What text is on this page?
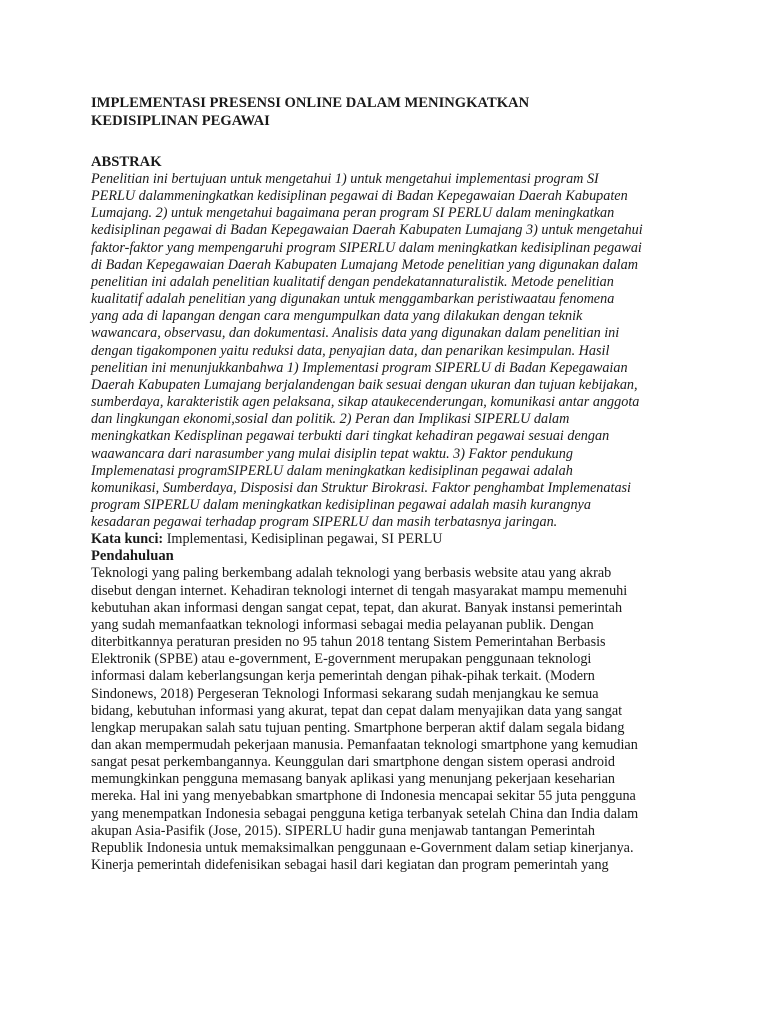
IMPLEMENTASI PRESENSI ONLINE DALAM MENINGKATKAN
KEDISIPLINAN PEGAWAI
ABSTRAK
Penelitian ini bertujuan untuk mengetahui 1) untuk mengetahui implementasi program SI
PERLU dalammeningkatkan kedisiplinan pegawai di Badan Kepegawaian Daerah Kabupaten
Lumajang. 2) untuk mengetahui bagaimana peran program SI PERLU dalam meningkatkan
kedisiplinan pegawai di Badan Kepegawaian Daerah Kabupaten Lumajang 3) untuk mengetahui
faktor-faktor yang mempengaruhi program SIPERLU dalam meningkatkan kedisiplinan pegawai
di Badan Kepegawaian Daerah Kabupaten Lumajang Metode penelitian yang digunakan dalam
penelitian ini adalah penelitian kualitatif dengan pendekatannaturalistik. Metode penelitian
kualitatif adalah penelitian yang digunakan untuk menggambarkan peristiwaatau fenomena
yang ada di lapangan dengan cara mengumpulkan data yang dilakukan dengan teknik
wawancara, observasu, dan dokumentasi. Analisis data yang digunakan dalam penelitian ini
dengan tigakomponen yaitu reduksi data, penyajian data, dan penarikan kesimpulan. Hasil
penelitian ini menunjukkanbahwa 1) Implementasi program SIPERLU di Badan Kepegawaian
Daerah Kabupaten Lumajang berjalandengan baik sesuai dengan ukuran dan tujuan kebijakan,
sumberdaya, karakteristik agen pelaksana, sikap ataukecenderungan, komunikasi antar anggota
dan lingkungan ekonomi,sosial dan politik. 2) Peran dan Implikasi SIPERLU dalam
meningkatkan Kedisplinan pegawai terbukti dari tingkat kehadiran pegawai sesuai dengan
waawancara dari narasumber yang mulai disiplin tepat waktu. 3) Faktor pendukung
Implemenatasi programSIPERLU dalam meningkatkan kedisiplinan pegawai adalah
komunikasi, Sumberdaya, Disposisi dan Struktur Birokrasi. Faktor penghambat Implemenatasi
program SIPERLU dalam meningkatkan kedisiplinan pegawai adalah masih kurangnya
kesadaran pegawai terhadap program SIPERLU dan masih terbatasnya jaringan.
Kata kunci: Implementasi, Kedisiplinan pegawai, SI PERLU
Pendahuluan
Teknologi yang paling berkembang adalah teknologi yang berbasis website atau yang akrab
disebut dengan internet. Kehadiran teknologi internet di tengah masyarakat mampu memenuhi
kebutuhan akan informasi dengan sangat cepat, tepat, dan akurat. Banyak instansi pemerintah
yang sudah memanfaatkan teknologi informasi sebagai media pelayanan publik. Dengan
diterbitkannya peraturan presiden no 95 tahun 2018 tentang Sistem Pemerintahan Berbasis
Elektronik (SPBE) atau e-government, E-government merupakan penggunaan teknologi
informasi dalam keberlangsungan kerja pemerintah dengan pihak-pihak terkait. (Modern
Sindonews, 2018) Pergeseran Teknologi Informasi sekarang sudah menjangkau ke semua
bidang, kebutuhan informasi yang akurat, tepat dan cepat dalam menyajikan data yang sangat
lengkap merupakan salah satu tujuan penting. Smartphone berperan aktif dalam segala bidang
dan akan mempermudah pekerjaan manusia. Pemanfaatan teknologi smartphone yang kemudian
sangat pesat perkembangannya. Keunggulan dari smartphone dengan sistem operasi android
memungkinkan pengguna memasang banyak aplikasi yang menunjang pekerjaan keseharian
mereka. Hal ini yang menyebabkan smartphone di Indonesia mencapai sekitar 55 juta pengguna
yang menempatkan Indonesia sebagai pengguna ketiga terbanyak setelah China dan India dalam
akupan Asia-Pasifik (Jose, 2015). SIPERLU hadir guna menjawab tantangan Pemerintah
Republik Indonesia untuk memaksimalkan penggunaan e-Government dalam setiap kinerjanya.
Kinerja pemerintah didefenisikan sebagai hasil dari kegiatan dan program pemerintah yang
